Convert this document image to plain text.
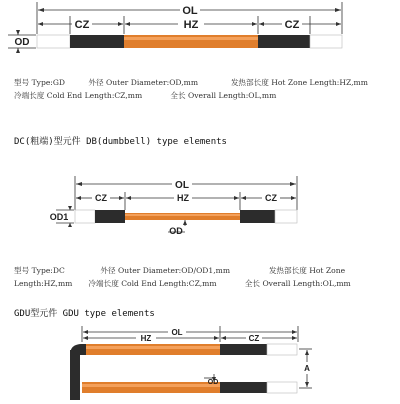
OL
CZ	HZ	CZ
OD
型号 Type:GD	外径 Outer Diameter:OD,mm	发热部长度 Hot Zone Length:HZ,mm
冷端长度 Cold End Length:CZ,mm	全长 Overall Length:OL,mm
DC(粗端)型元件 DB(dumbbell) type elements
OL
CZ	HZ	CZ
OD1
OD
型号 Type:DC	外径 Outer Diameter:OD/OD1,mm	发热部长度 Hot Zone
Length:HZ,mm 冷端长度 Cold End Length:CZ,mm	全长 Overall Length:OL,mm
GDU型元件 GDU type elements
OL
HZ	CZ
OD
A
